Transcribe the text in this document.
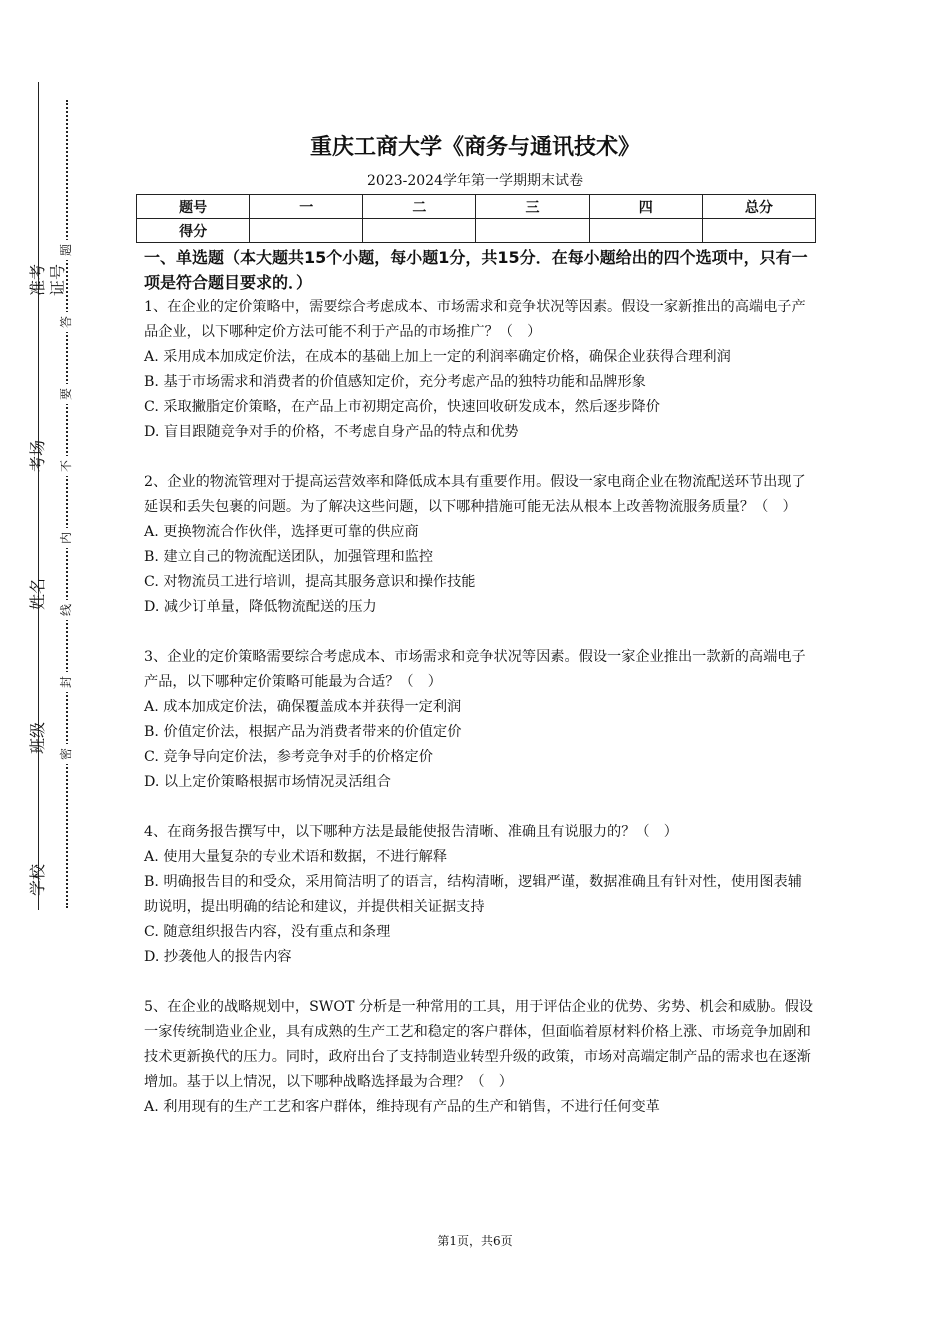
准考证号
考场
姓名
班级
学校
题
答
要
不
内
线
封
密
重庆工商大学《商务与通讯技术》
2023-2024学年第一学期期末试卷
题号	一	二	三	四	总分
得分					

一、单选题（本大题共15个小题，每小题1分，共15分．在每小题给出的四个选项中，只有一项是符合题目要求的．）

1、在企业的定价策略中，需要综合考虑成本、市场需求和竞争状况等因素。假设一家新推出的高端电子产品企业，以下哪种定价方法可能不利于产品的市场推广？（　）

A. 采用成本加成定价法，在成本的基础上加上一定的利润率确定价格，确保企业获得合理利润

B. 基于市场需求和消费者的价值感知定价，充分考虑产品的独特功能和品牌形象

C. 采取撇脂定价策略，在产品上市初期定高价，快速回收研发成本，然后逐步降价

D. 盲目跟随竞争对手的价格，不考虑自身产品的特点和优势

2、企业的物流管理对于提高运营效率和降低成本具有重要作用。假设一家电商企业在物流配送环节出现了延误和丢失包裹的问题。为了解决这些问题，以下哪种措施可能无法从根本上改善物流服务质量？（　）

A. 更换物流合作伙伴，选择更可靠的供应商

B. 建立自己的物流配送团队，加强管理和监控

C. 对物流员工进行培训，提高其服务意识和操作技能

D. 减少订单量，降低物流配送的压力

3、企业的定价策略需要综合考虑成本、市场需求和竞争状况等因素。假设一家企业推出一款新的高端电子产品，以下哪种定价策略可能最为合适？（　）

A. 成本加成定价法，确保覆盖成本并获得一定利润

B. 价值定价法，根据产品为消费者带来的价值定价

C. 竞争导向定价法，参考竞争对手的价格定价

D. 以上定价策略根据市场情况灵活组合

4、在商务报告撰写中，以下哪种方法是最能使报告清晰、准确且有说服力的？（　）

A. 使用大量复杂的专业术语和数据，不进行解释

B. 明确报告目的和受众，采用简洁明了的语言，结构清晰，逻辑严谨，数据准确且有针对性，使用图表辅助说明，提出明确的结论和建议，并提供相关证据支持

C. 随意组织报告内容，没有重点和条理

D. 抄袭他人的报告内容

5、在企业的战略规划中，SWOT 分析是一种常用的工具，用于评估企业的优势、劣势、机会和威胁。假设一家传统制造业企业，具有成熟的生产工艺和稳定的客户群体，但面临着原材料价格上涨、市场竞争加剧和技术更新换代的压力。同时，政府出台了支持制造业转型升级的政策，市场对高端定制产品的需求也在逐渐增加。基于以上情况，以下哪种战略选择最为合理？（　）

A. 利用现有的生产工艺和客户群体，维持现有产品的生产和销售，不进行任何变革

第1页，共6页
